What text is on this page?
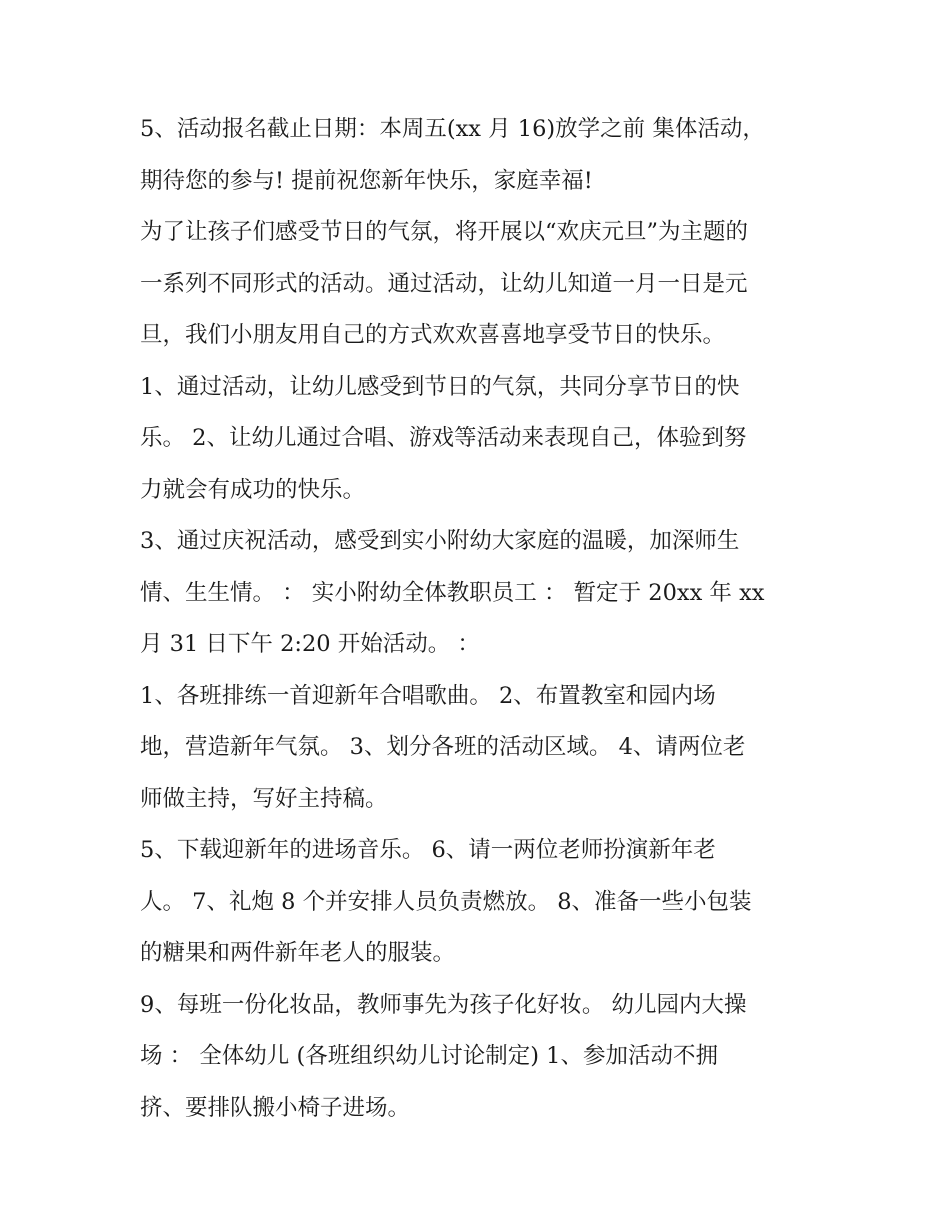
5、活动报名截止日期：本周五(xx 月 16)放学之前 集体活动，
期待您的参与! 提前祝您新年快乐，家庭幸福!
为了让孩子们感受节日的气氛，将开展以“欢庆元旦”为主题的
一系列不同形式的活动。通过活动，让幼儿知道一月一日是元
旦，我们小朋友用自己的方式欢欢喜喜地享受节日的快乐。
1、通过活动，让幼儿感受到节日的气氛，共同分享节日的快
乐。 2、让幼儿通过合唱、游戏等活动来表现自己，体验到努
力就会有成功的快乐。
3、通过庆祝活动，感受到实小附幼大家庭的温暖，加深师生
情、生生情。 ： 实小附幼全体教职员工 ： 暂定于 20xx 年 xx
月 31 日下午 2:20 开始活动。 ：
1、各班排练一首迎新年合唱歌曲。 2、布置教室和园内场
地，营造新年气氛。 3、划分各班的活动区域。 4、请两位老
师做主持，写好主持稿。
5、下载迎新年的进场音乐。 6、请一两位老师扮演新年老
人。 7、礼炮 8 个并安排人员负责燃放。 8、准备一些小包装
的糖果和两件新年老人的服装。
9、每班一份化妆品，教师事先为孩子化好妆。 幼儿园内大操
场 ： 全体幼儿 (各班组织幼儿讨论制定) 1、参加活动不拥
挤、要排队搬小椅子进场。
